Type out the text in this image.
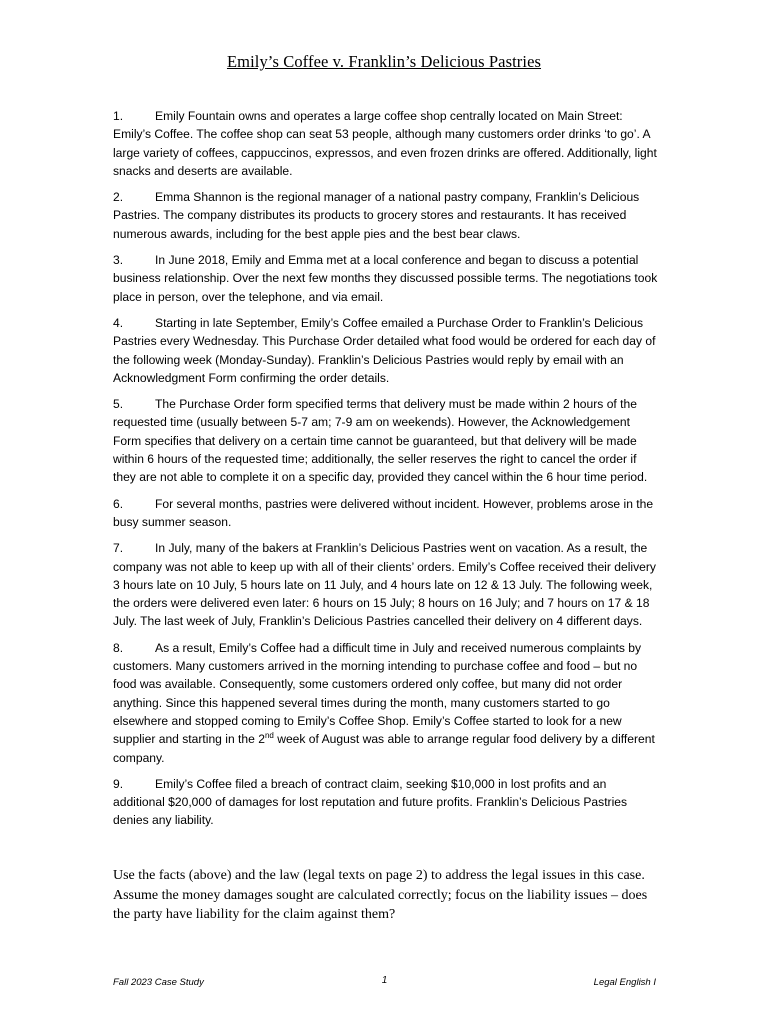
Emily’s Coffee v. Franklin’s Delicious Pastries

1.	Emily Fountain owns and operates a large coffee shop centrally located on Main Street: Emily’s Coffee. The coffee shop can seat 53 people, although many customers order drinks ‘to go’. A large variety of coffees, cappuccinos, expressos, and even frozen drinks are offered. Additionally, light snacks and deserts are available.

2.	Emma Shannon is the regional manager of a national pastry company, Franklin’s Delicious Pastries. The company distributes its products to grocery stores and restaurants. It has received numerous awards, including for the best apple pies and the best bear claws.

3.	In June 2018, Emily and Emma met at a local conference and began to discuss a potential business relationship. Over the next few months they discussed possible terms. The negotiations took place in person, over the telephone, and via email.

4.	Starting in late September, Emily’s Coffee emailed a Purchase Order to Franklin’s Delicious Pastries every Wednesday. This Purchase Order detailed what food would be ordered for each day of the following week (Monday-Sunday). Franklin’s Delicious Pastries would reply by email with an Acknowledgment Form confirming the order details.

5.	The Purchase Order form specified terms that delivery must be made within 2 hours of the requested time (usually between 5-7 am; 7-9 am on weekends). However, the Acknowledgement Form specifies that delivery on a certain time cannot be guaranteed, but that delivery will be made within 6 hours of the requested time; additionally, the seller reserves the right to cancel the order if they are not able to complete it on a specific day, provided they cancel within the 6 hour time period.

6.	For several months, pastries were delivered without incident. However, problems arose in the busy summer season.

7.	In July, many of the bakers at Franklin’s Delicious Pastries went on vacation. As a result, the company was not able to keep up with all of their clients’ orders. Emily’s Coffee received their delivery 3 hours late on 10 July, 5 hours late on 11 July, and 4 hours late on 12 & 13 July. The following week, the orders were delivered even later: 6 hours on 15 July; 8 hours on 16 July; and 7 hours on 17 & 18 July. The last week of July, Franklin’s Delicious Pastries cancelled their delivery on 4 different days.

8.	As a result, Emily’s Coffee had a difficult time in July and received numerous complaints by customers. Many customers arrived in the morning intending to purchase coffee and food – but no food was available. Consequently, some customers ordered only coffee, but many did not order anything. Since this happened several times during the month, many customers started to go elsewhere and stopped coming to Emily’s Coffee Shop. Emily’s Coffee started to look for a new supplier and starting in the 2nd week of August was able to arrange regular food delivery by a different company.

9.	Emily’s Coffee filed a breach of contract claim, seeking $10,000 in lost profits and an additional $20,000 of damages for lost reputation and future profits. Franklin’s Delicious Pastries denies any liability.

Use the facts (above) and the law (legal texts on page 2) to address the legal issues in this case. Assume the money damages sought are calculated correctly; focus on the liability issues – does the party have liability for the claim against them?
Fall 2023 Case Study	1	Legal English I
